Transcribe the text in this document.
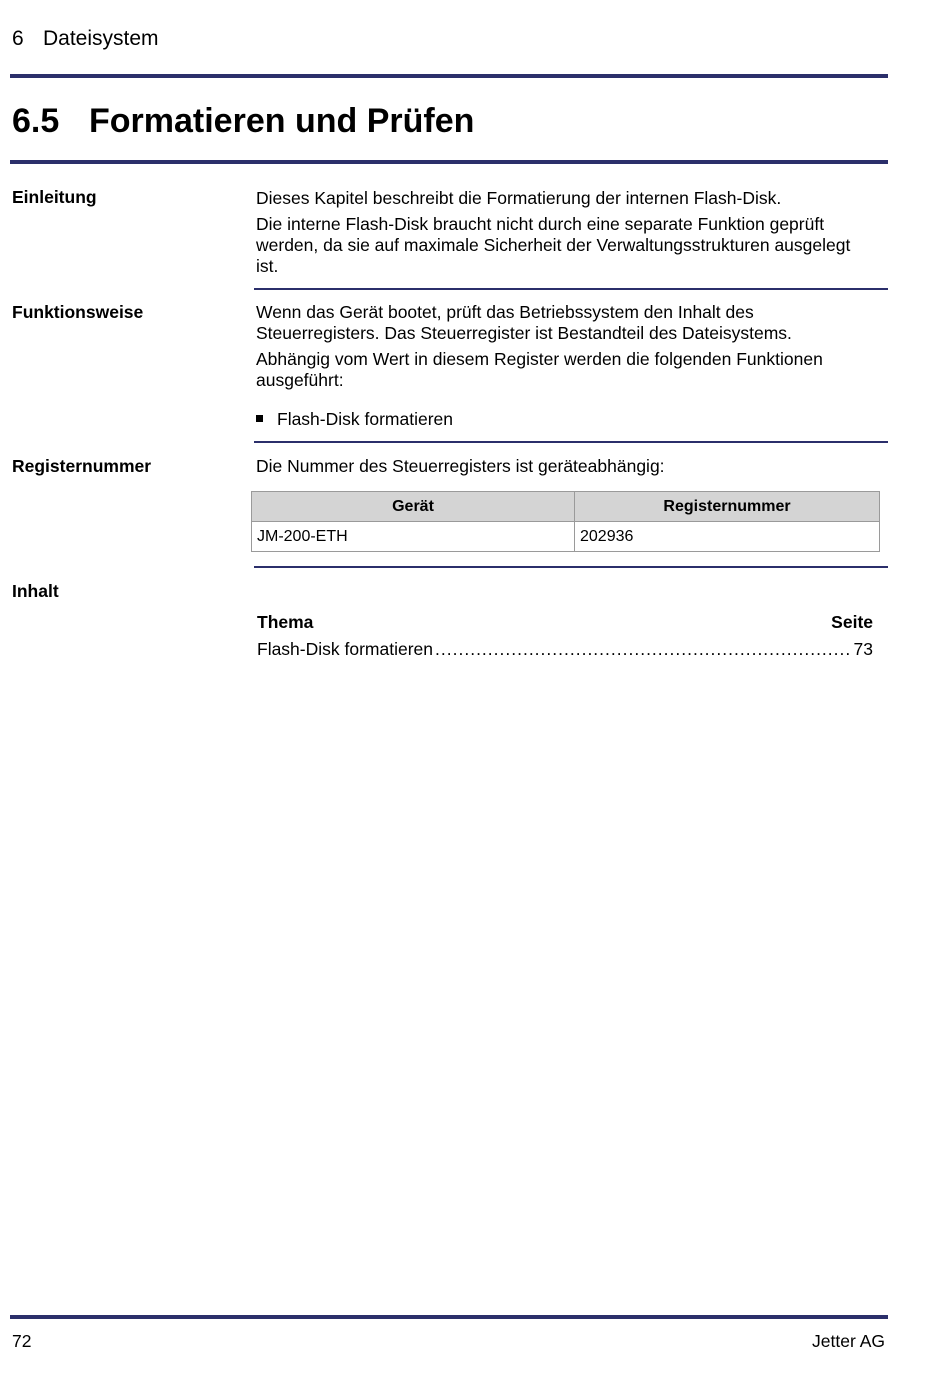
6 Dateisystem
6.5 Formatieren und Prüfen
Einleitung	Dieses Kapitel beschreibt die Formatierung der internen Flash-Disk.
Die interne Flash-Disk braucht nicht durch eine separate Funktion geprüft
werden, da sie auf maximale Sicherheit der Verwaltungsstrukturen ausgelegt
ist.
Funktionsweise	Wenn das Gerät bootet, prüft das Betriebssystem den Inhalt des
Steuerregisters. Das Steuerregister ist Bestandteil des Dateisystems.
Abhängig vom Wert in diesem Register werden die folgenden Funktionen
ausgeführt:
Flash-Disk formatieren
Registernummer	Die Nummer des Steuerregisters ist geräteabhängig:
Gerät	Registernummer
JM-200-ETH	202936
Inhalt
Thema	Seite
Flash-Disk formatieren .....	73
72	Jetter AG
